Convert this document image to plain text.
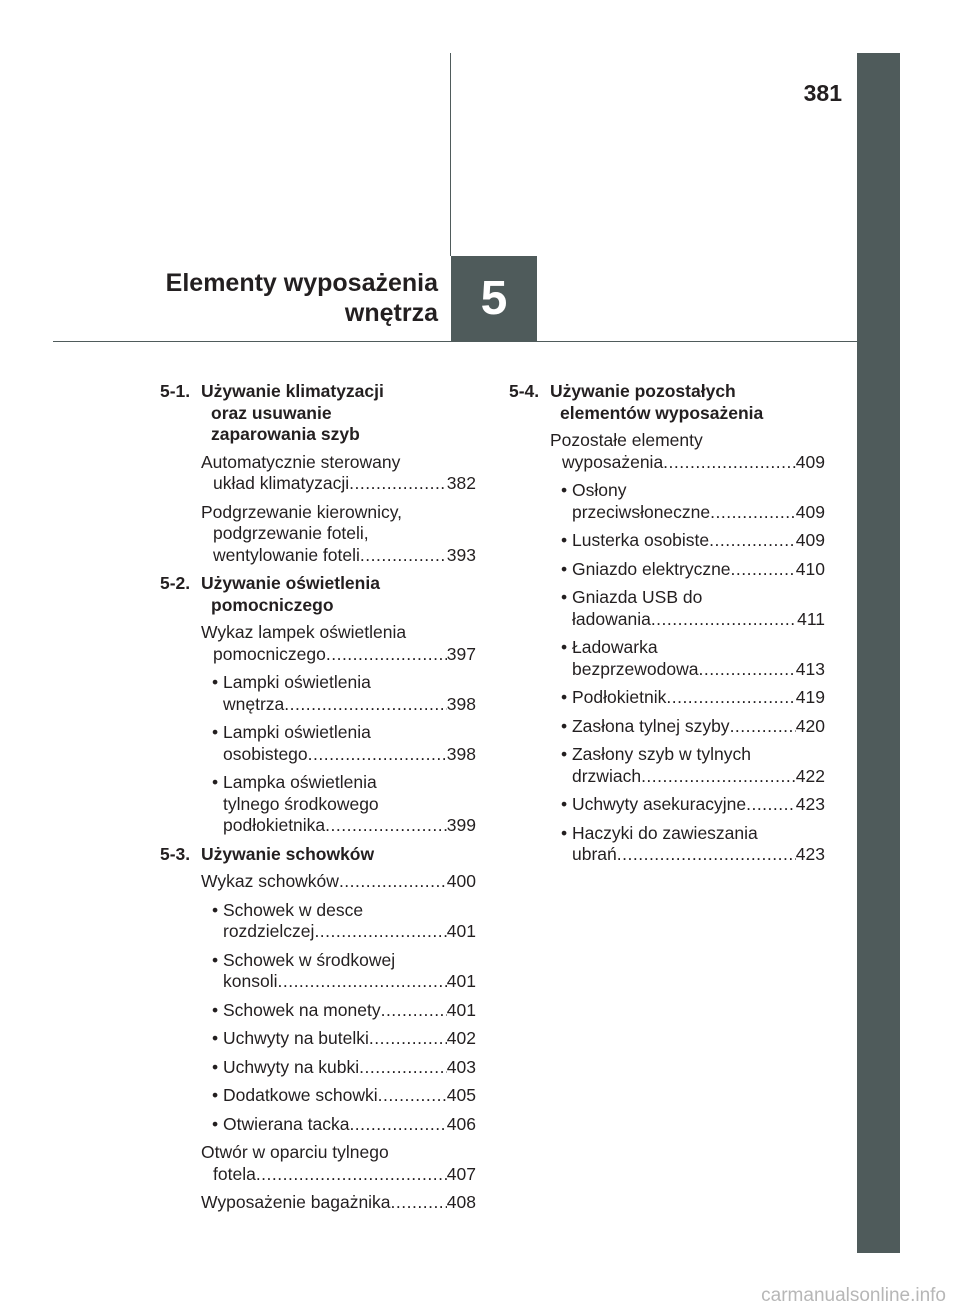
381
Elementy wyposażenia
wnętrza 5
5-1. Używanie klimatyzacji
oraz usuwanie
zaparowania szyb
Automatycznie sterowany
układ klimatyzacji .....	382
Podgrzewanie kierownicy,
podgrzewanie foteli,
wentylowanie foteli .....	393
5-2. Używanie oświetlenia
pomocniczego
Wykaz lampek oświetlenia
pomocniczego .....	397
• Lampki oświetlenia
wnętrza .....	398
• Lampki oświetlenia
osobistego .....	398
• Lampka oświetlenia
tylnego środkowego
podłokietnika .....	399
5-3. Używanie schowków
Wykaz schowków .....	400
• Schowek w desce
rozdzielczej .....	401
• Schowek w środkowej
konsoli .....	401
• Schowek na monety .....	401
• Uchwyty na butelki .....	402
• Uchwyty na kubki .....	403
• Dodatkowe schowki .....	405
• Otwierana tacka .....	406
Otwór w oparciu tylnego
fotela .....	407
Wyposażenie bagażnika .....	408
5-4. Używanie pozostałych
elementów wyposażenia
Pozostałe elementy
wyposażenia .....	409
• Osłony
przeciwsłoneczne .....	409
• Lusterka osobiste .....	409
• Gniazdo elektryczne .....	410
• Gniazda USB do
ładowania .....	411
• Ładowarka
bezprzewodowa .....	413
• Podłokietnik .....	419
• Zasłona tylnej szyby .....	420
• Zasłony szyb w tylnych
drzwiach .....	422
• Uchwyty asekuracyjne .....	423
• Haczyki do zawieszania
ubrań .....	423
carmanualsonline.info
